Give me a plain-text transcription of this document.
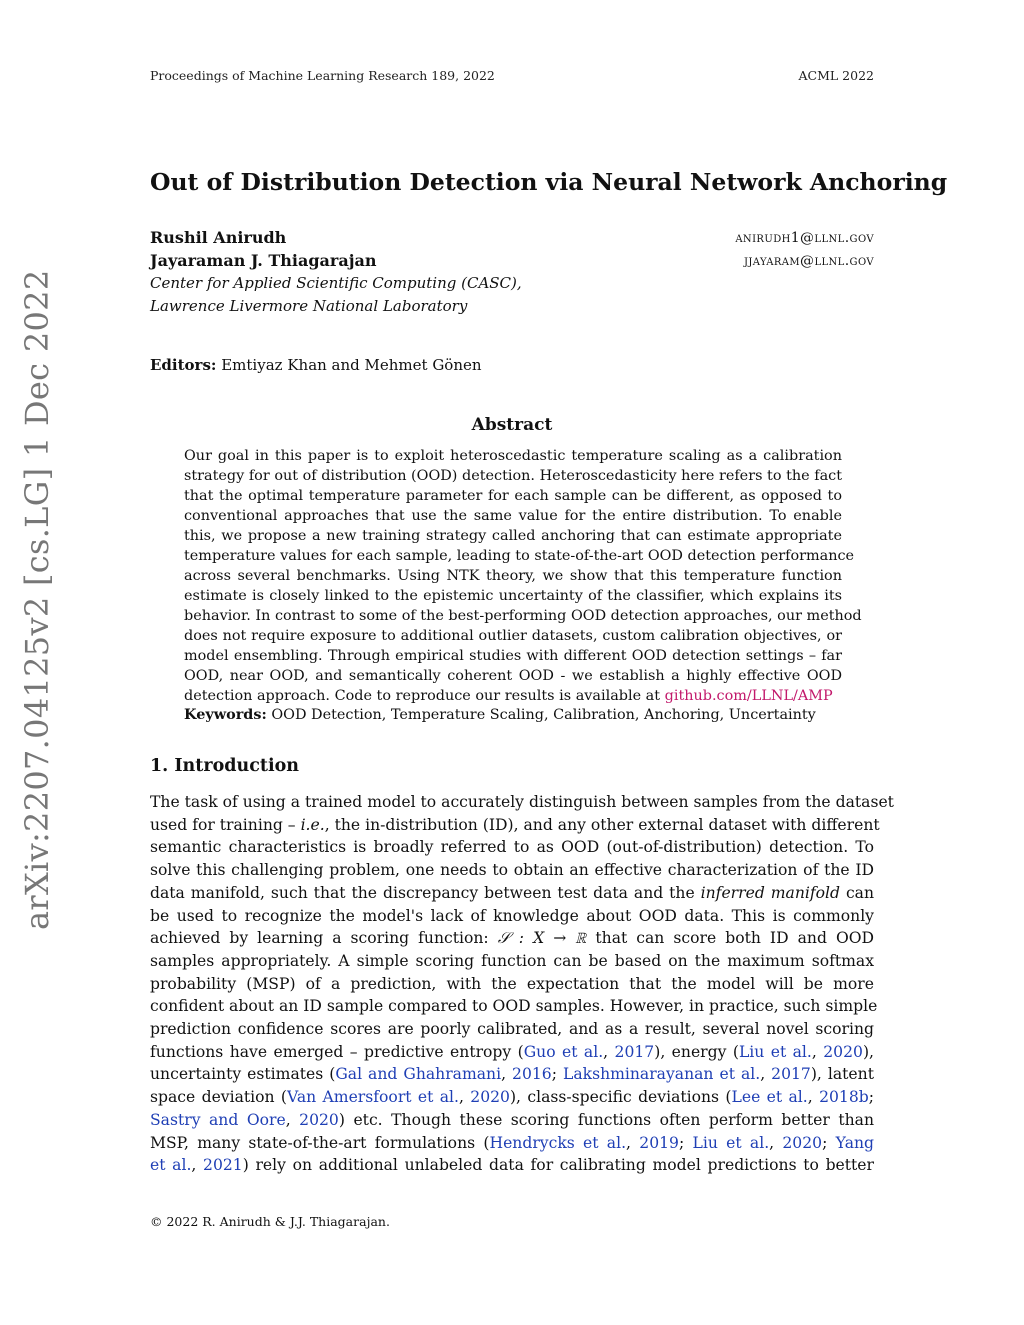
Proceedings of Machine Learning Research 189, 2022	ACML 2022
arXiv:2207.04125v2 [cs.LG] 1 Dec 2022
Out of Distribution Detection via Neural Network Anchoring
Rushil Anirudh	anirudh1@llnl.gov
Jayaraman J. Thiagarajan	jjayaram@llnl.gov
Center for Applied Scientific Computing (CASC),
Lawrence Livermore National Laboratory
Editors: Emtiyaz Khan and Mehmet Gönen
Abstract
Our goal in this paper is to exploit heteroscedastic temperature scaling as a calibration
strategy for out of distribution (OOD) detection. Heteroscedasticity here refers to the fact
that the optimal temperature parameter for each sample can be different, as opposed to
conventional approaches that use the same value for the entire distribution. To enable
this, we propose a new training strategy called anchoring that can estimate appropriate
temperature values for each sample, leading to state-of-the-art OOD detection performance
across several benchmarks. Using NTK theory, we show that this temperature function
estimate is closely linked to the epistemic uncertainty of the classifier, which explains its
behavior. In contrast to some of the best-performing OOD detection approaches, our method
does not require exposure to additional outlier datasets, custom calibration objectives, or
model ensembling. Through empirical studies with different OOD detection settings – far
OOD, near OOD, and semantically coherent OOD - we establish a highly effective OOD
detection approach. Code to reproduce our results is available at github.com/LLNL/AMP
Keywords: OOD Detection, Temperature Scaling, Calibration, Anchoring, Uncertainty
1. Introduction
The task of using a trained model to accurately distinguish between samples from the dataset
used for training – i.e., the in-distribution (ID), and any other external dataset with different
semantic characteristics is broadly referred to as OOD (out-of-distribution) detection. To
solve this challenging problem, one needs to obtain an effective characterization of the ID
data manifold, such that the discrepancy between test data and the inferred manifold can
be used to recognize the model's lack of knowledge about OOD data. This is commonly
achieved by learning a scoring function: 𝒮 : X → ℝ that can score both ID and OOD
samples appropriately. A simple scoring function can be based on the maximum softmax
probability (MSP) of a prediction, with the expectation that the model will be more
confident about an ID sample compared to OOD samples. However, in practice, such simple
prediction confidence scores are poorly calibrated, and as a result, several novel scoring
functions have emerged – predictive entropy (Guo et al., 2017), energy (Liu et al., 2020),
uncertainty estimates (Gal and Ghahramani, 2016; Lakshminarayanan et al., 2017), latent
space deviation (Van Amersfoort et al., 2020), class-specific deviations (Lee et al., 2018b;
Sastry and Oore, 2020) etc. Though these scoring functions often perform better than
MSP, many state-of-the-art formulations (Hendrycks et al., 2019; Liu et al., 2020; Yang
et al., 2021) rely on additional unlabeled data for calibrating model predictions to better
© 2022 R. Anirudh & J.J. Thiagarajan.
